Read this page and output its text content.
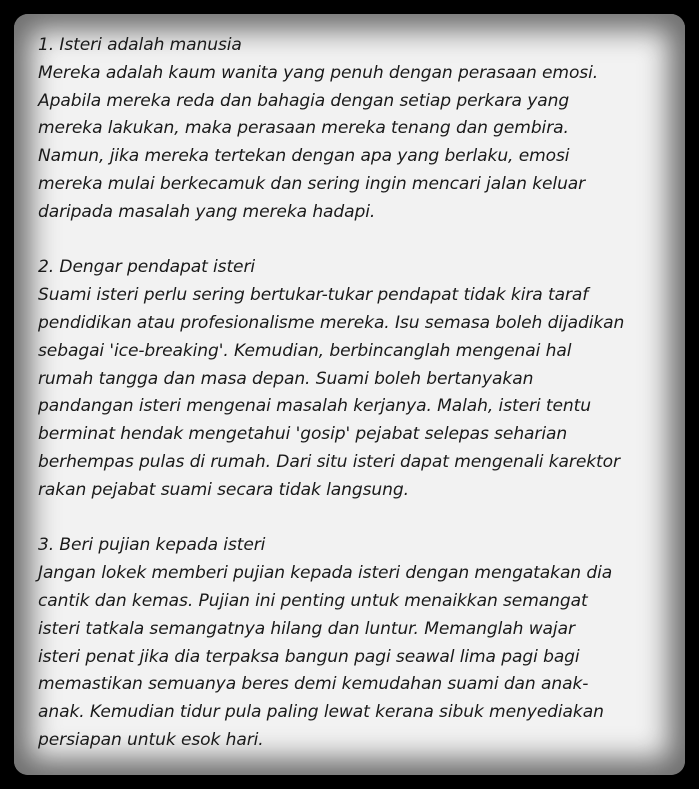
1. Isteri adalah manusia
Mereka adalah kaum wanita yang penuh dengan perasaan emosi.
Apabila mereka reda dan bahagia dengan setiap perkara yang
mereka lakukan, maka perasaan mereka tenang dan gembira.
Namun, jika mereka tertekan dengan apa yang berlaku, emosi
mereka mulai berkecamuk dan sering ingin mencari jalan keluar
daripada masalah yang mereka hadapi.
2. Dengar pendapat isteri
Suami isteri perlu sering bertukar-tukar pendapat tidak kira taraf
pendidikan atau profesionalisme mereka. Isu semasa boleh dijadikan
sebagai 'ice-breaking'. Kemudian, berbincanglah mengenai hal
rumah tangga dan masa depan. Suami boleh bertanyakan
pandangan isteri mengenai masalah kerjanya. Malah, isteri tentu
berminat hendak mengetahui 'gosip' pejabat selepas seharian
berhempas pulas di rumah. Dari situ isteri dapat mengenali karektor
rakan pejabat suami secara tidak langsung.
3. Beri pujian kepada isteri
Jangan lokek memberi pujian kepada isteri dengan mengatakan dia
cantik dan kemas. Pujian ini penting untuk menaikkan semangat
isteri tatkala semangatnya hilang dan luntur. Memanglah wajar
isteri penat jika dia terpaksa bangun pagi seawal lima pagi bagi
memastikan semuanya beres demi kemudahan suami dan anak-
anak. Kemudian tidur pula paling lewat kerana sibuk menyediakan
persiapan untuk esok hari.
